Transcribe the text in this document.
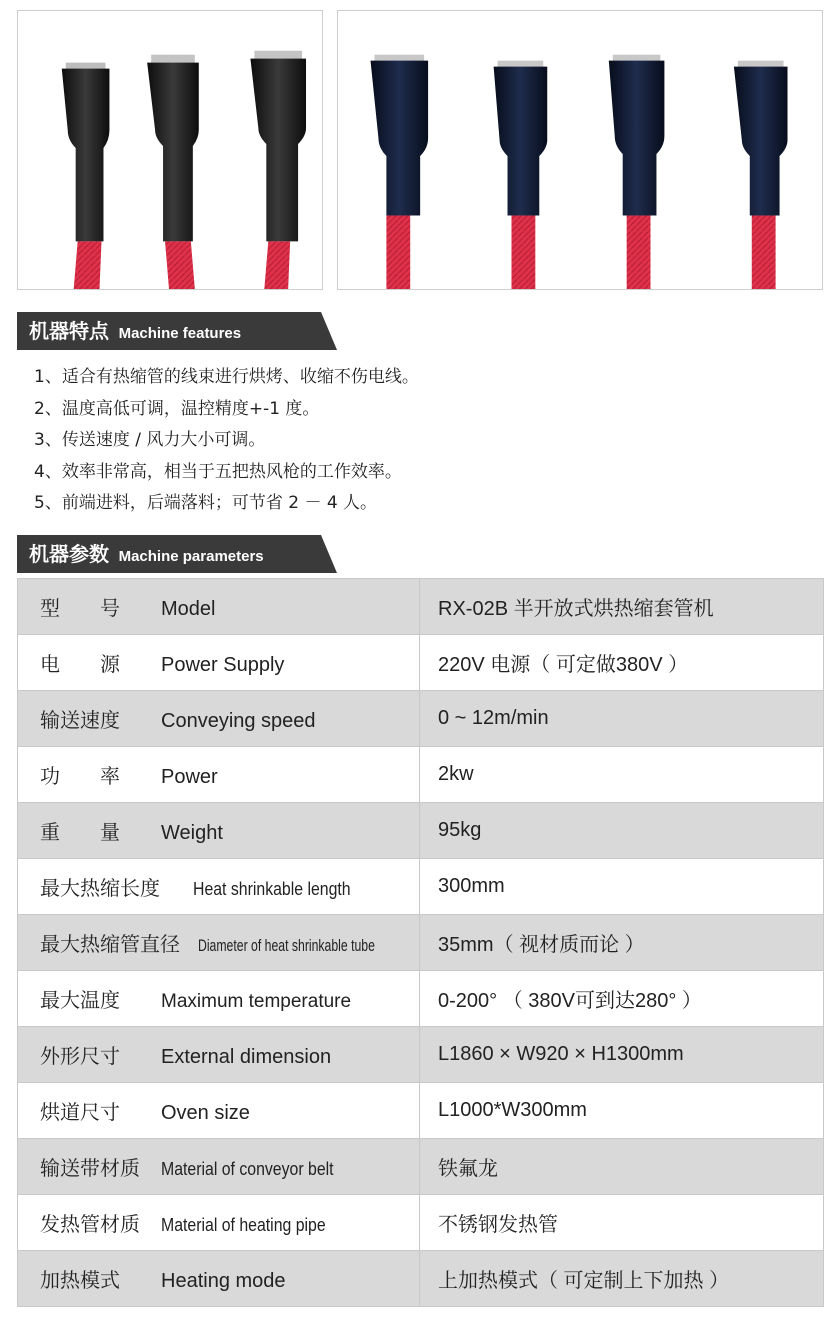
机器特点 Machine features
1、适合有热缩管的线束进行烘烤、收缩不伤电线。
2、温度高低可调，温控精度+-1 度。
3、传送速度 / 风力大小可调。
4、效率非常高，相当于五把热风枪的工作效率。
5、前端进料，后端落料；可节省 2 － 4 人。
机器参数 Machine parameters
型　　号 Model	RX-02B 半开放式烘热缩套管机
电　　源 Power Supply	220V 电源（ 可定做380V ）
输送速度 Conveying speed	0 ~ 12m/min
功　　率 Power	2kw
重　　量 Weight	95kg
最大热缩长度 Heat shrinkable length	300mm
最大热缩管直径 Diameter of heat shrinkable tube	35mm（ 视材质而论 ）
最大温度 Maximum temperature	0-200° （ 380V可到达280° ）
外形尺寸 External dimension	L1860 × W920 × H1300mm
烘道尺寸 Oven size	L1000*W300mm
输送带材质 Material of conveyor belt	铁氟龙
发热管材质 Material of heating pipe	不锈钢发热管
加热模式 Heating mode	上加热模式（ 可定制上下加热 ）
